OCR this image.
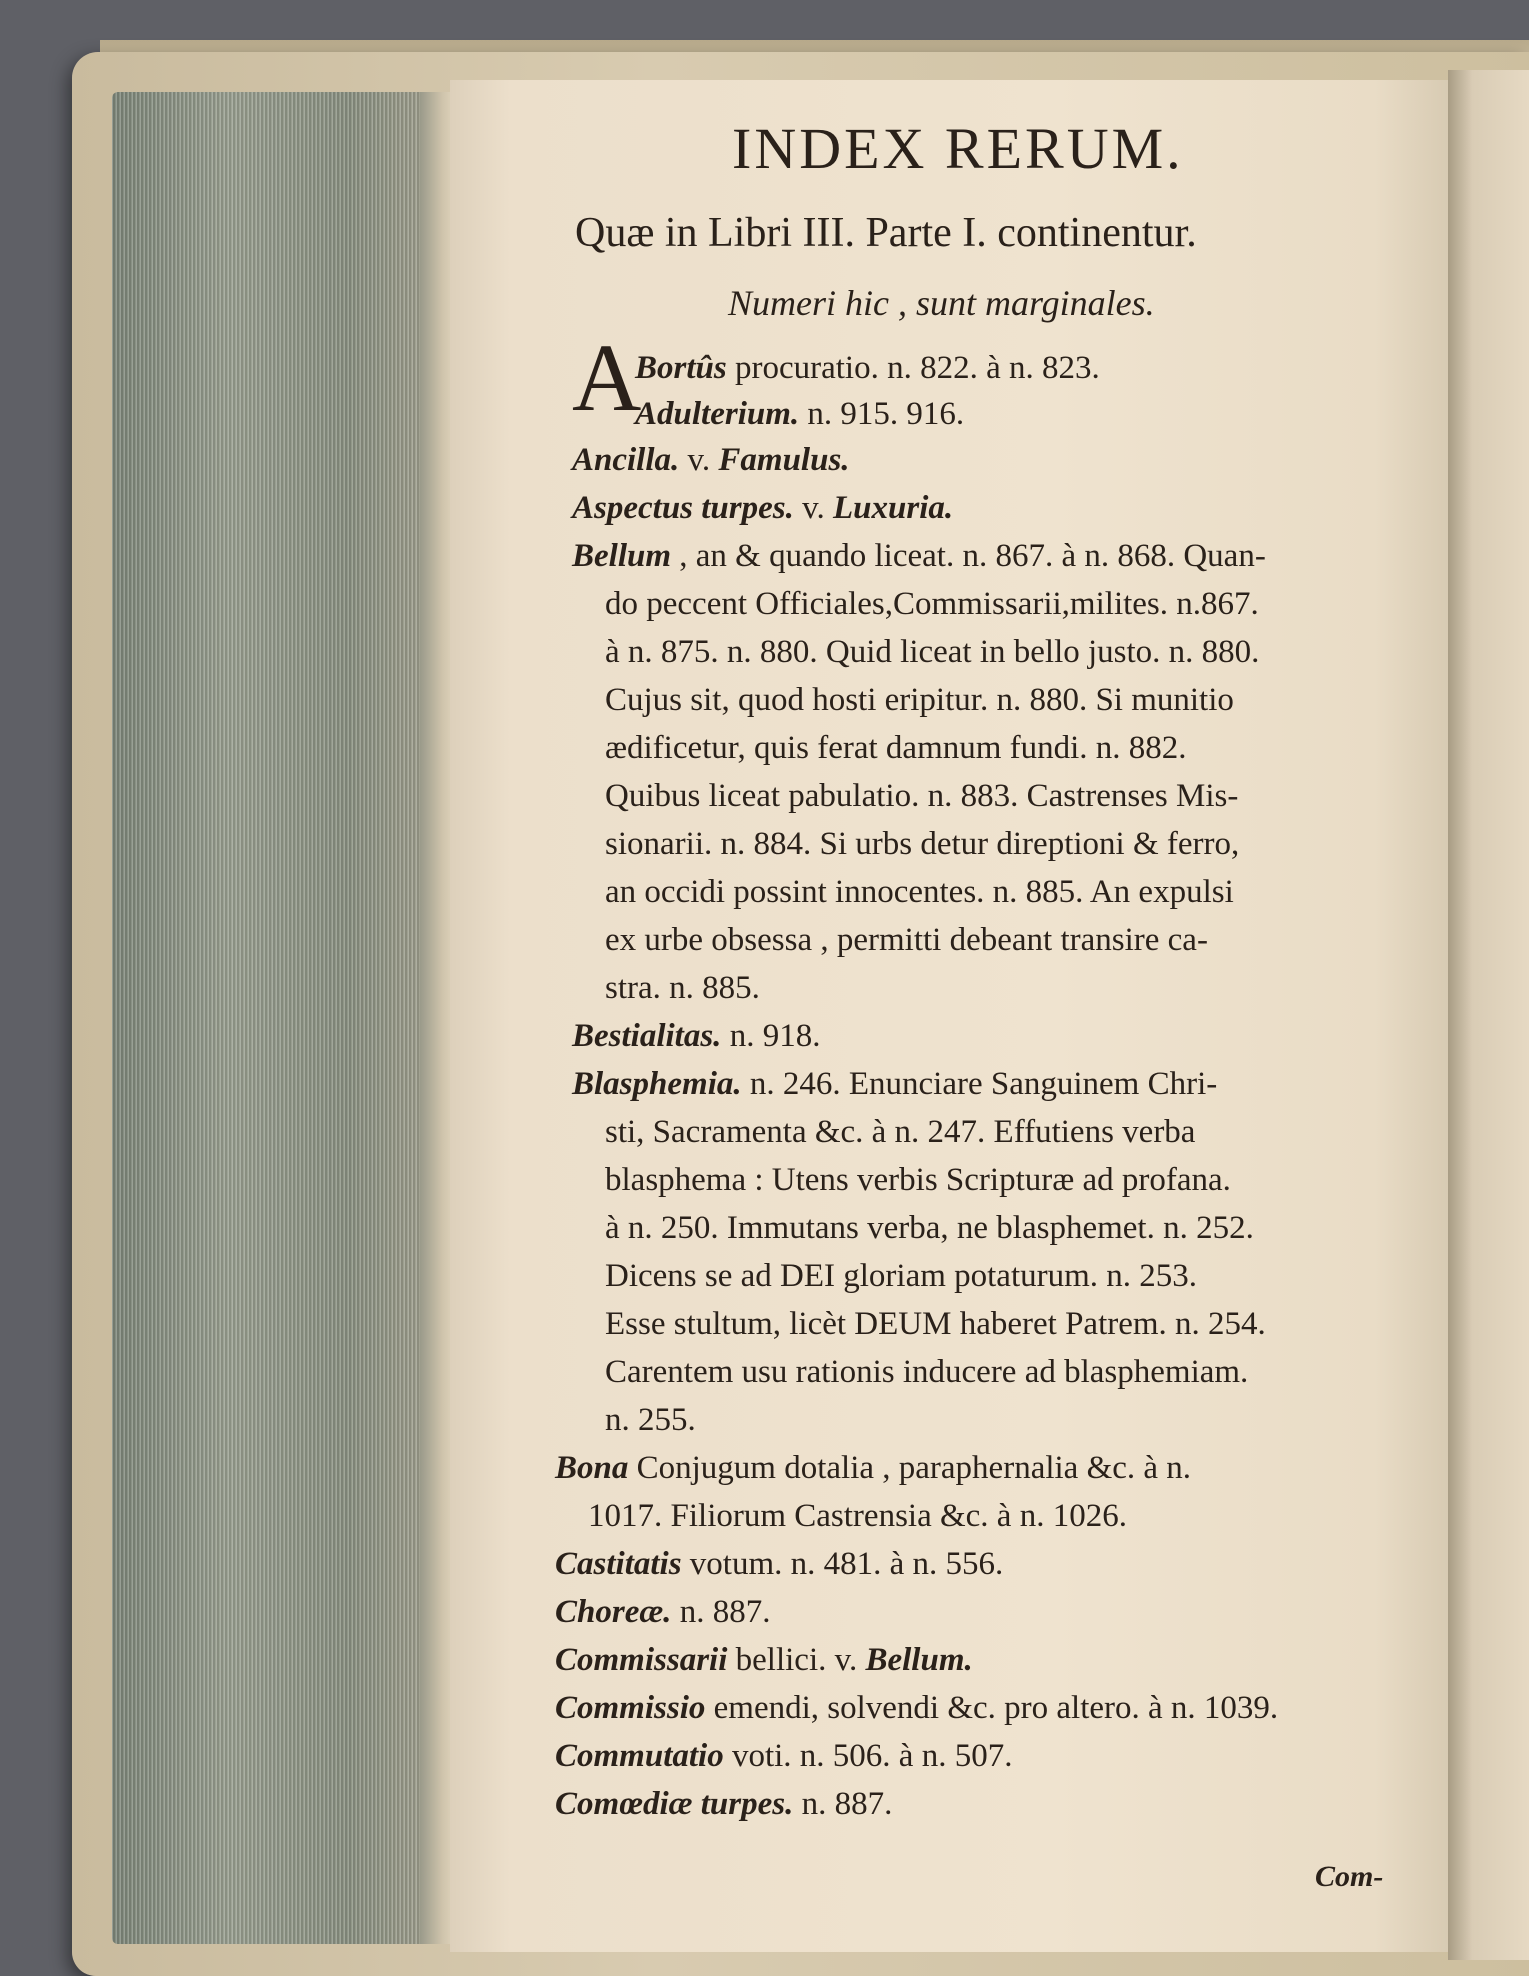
INDEX RERUM.
Quæ in Libri III. Parte I. continentur.
Numeri hic , sunt marginales.
A
Bortûs procuratio. n. 822. à n. 823.
Adulterium. n. 915. 916.
Ancilla. v. Famulus.
Aspectus turpes. v. Luxuria.
Bellum , an & quando liceat. n. 867. à n. 868. Quan-
do peccent Officiales,Commissarii,milites. n.867.
à n. 875. n. 880. Quid liceat in bello justo. n. 880.
Cujus sit, quod hosti eripitur. n. 880. Si munitio
ædificetur, quis ferat damnum fundi. n. 882.
Quibus liceat pabulatio. n. 883. Castrenses Mis-
sionarii. n. 884. Si urbs detur direptioni & ferro,
an occidi possint innocentes. n. 885. An expulsi
ex urbe obsessa , permitti debeant transire ca-
stra. n. 885.
Bestialitas. n. 918.
Blasphemia. n. 246. Enunciare Sanguinem Chri-
sti, Sacramenta &c. à n. 247. Effutiens verba
blasphema : Utens verbis Scripturæ ad profana.
à n. 250. Immutans verba, ne blasphemet. n. 252.
Dicens se ad DEI gloriam potaturum. n. 253.
Esse stultum, licèt DEUM haberet Patrem. n. 254.
Carentem usu rationis inducere ad blasphemiam.
n. 255.
Bona Conjugum dotalia , paraphernalia &c. à n.
1017. Filiorum Castrensia &c. à n. 1026.
Castitatis votum. n. 481. à n. 556.
Choreæ. n. 887.
Commissarii bellici. v. Bellum.
Commissio emendi, solvendi &c. pro altero. à n. 1039.
Commutatio voti. n. 506. à n. 507.
Comœdiæ turpes. n. 887.
Com-
